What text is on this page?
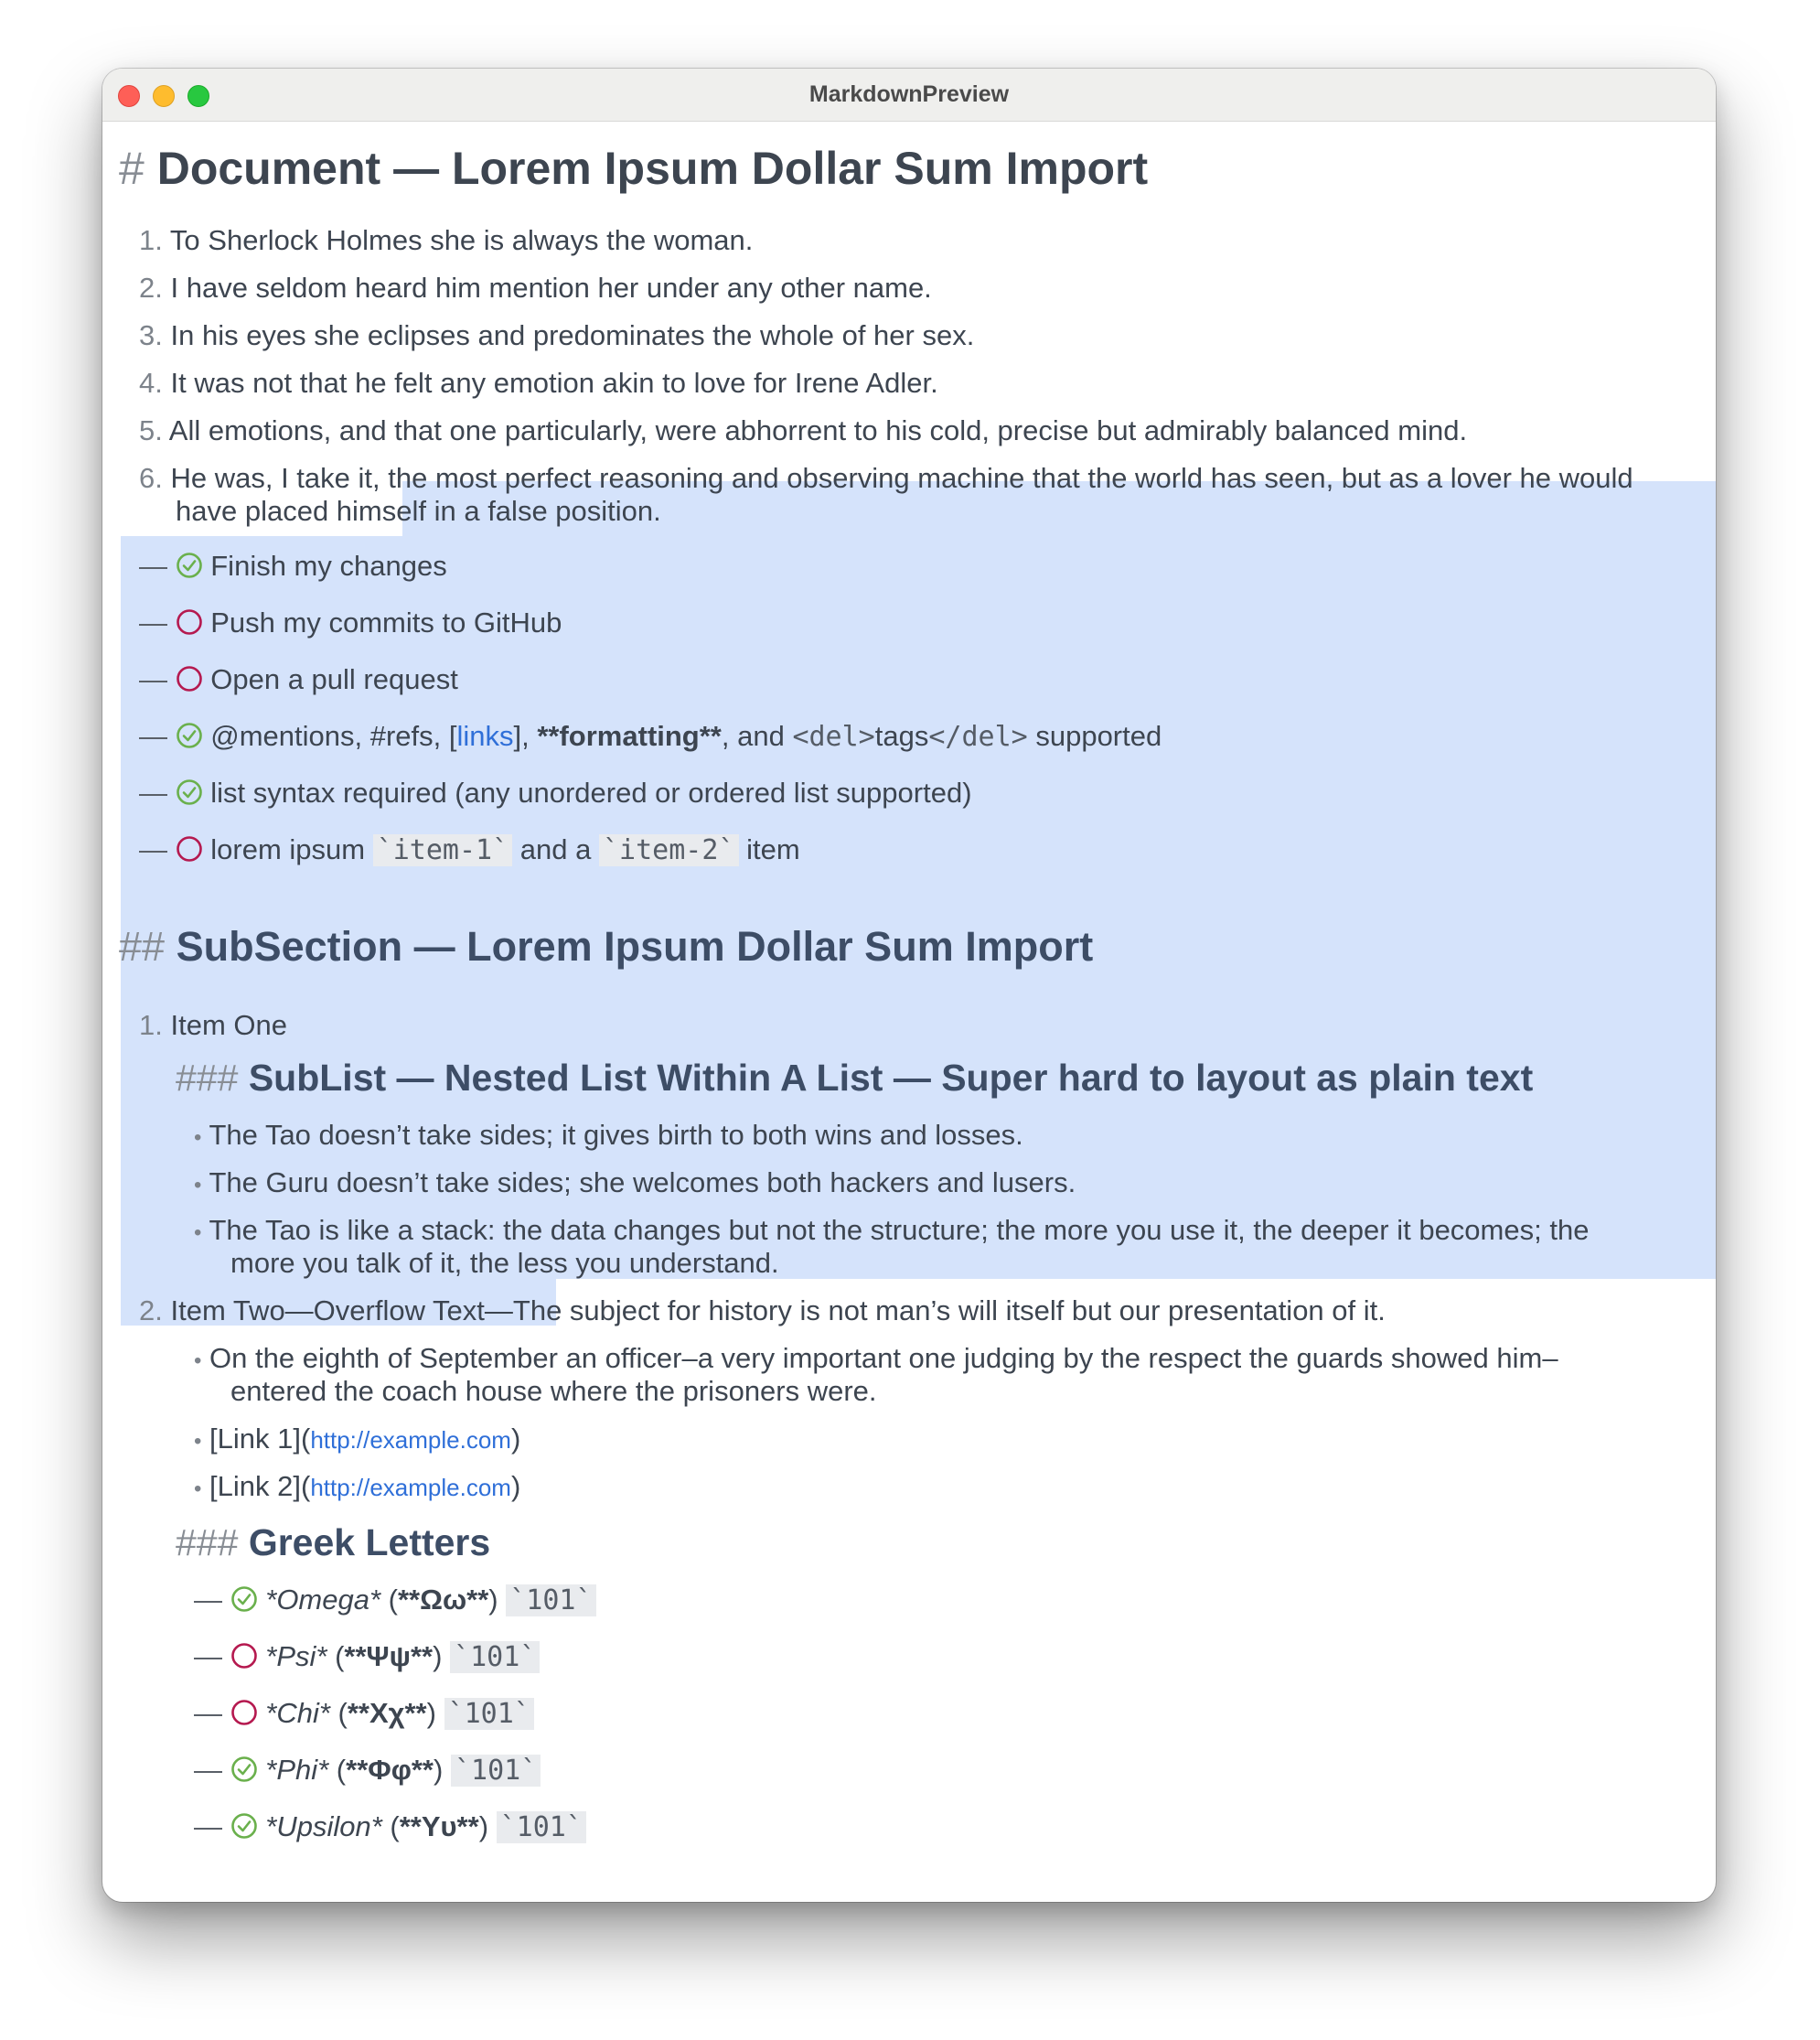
MarkdownPreview
# Document — Lorem Ipsum Dollar Sum Import
1. To Sherlock Holmes she is always the woman.
2. I have seldom heard him mention her under any other name.
3. In his eyes she eclipses and predominates the whole of her sex.
4. It was not that he felt any emotion akin to love for Irene Adler.
5. All emotions, and that one particularly, were abhorrent to his cold, precise but admirably balanced mind.
6. He was, I take it, the most perfect reasoning and observing machine that the world has seen, but as a lover he would
have placed himself in a false position.
— Finish my changes
— Push my commits to GitHub
— Open a pull request
— @mentions, #refs, [links], **formatting**, and <del>tags</del> supported
— list syntax required (any unordered or ordered list supported)
— lorem ipsum `item-1` and a `item-2` item
## SubSection — Lorem Ipsum Dollar Sum Import
1. Item One
### SubList — Nested List Within A List — Super hard to layout as plain text
• The Tao doesn’t take sides; it gives birth to both wins and losses.
• The Guru doesn’t take sides; she welcomes both hackers and lusers.
• The Tao is like a stack: the data changes but not the structure; the more you use it, the deeper it becomes; the
more you talk of it, the less you understand.
2. Item Two—Overflow Text—The subject for history is not man’s will itself but our presentation of it.
• On the eighth of September an officer–a very important one judging by the respect the guards showed him–
entered the coach house where the prisoners were.
• [Link 1](http://example.com)
• [Link 2](http://example.com)
### Greek Letters
— *Omega* (**Ωω**) `101`
— *Psi* (**Ψψ**) `101`
— *Chi* (**Χχ**) `101`
— *Phi* (**Φφ**) `101`
— *Upsilon* (**Υυ**) `101`
